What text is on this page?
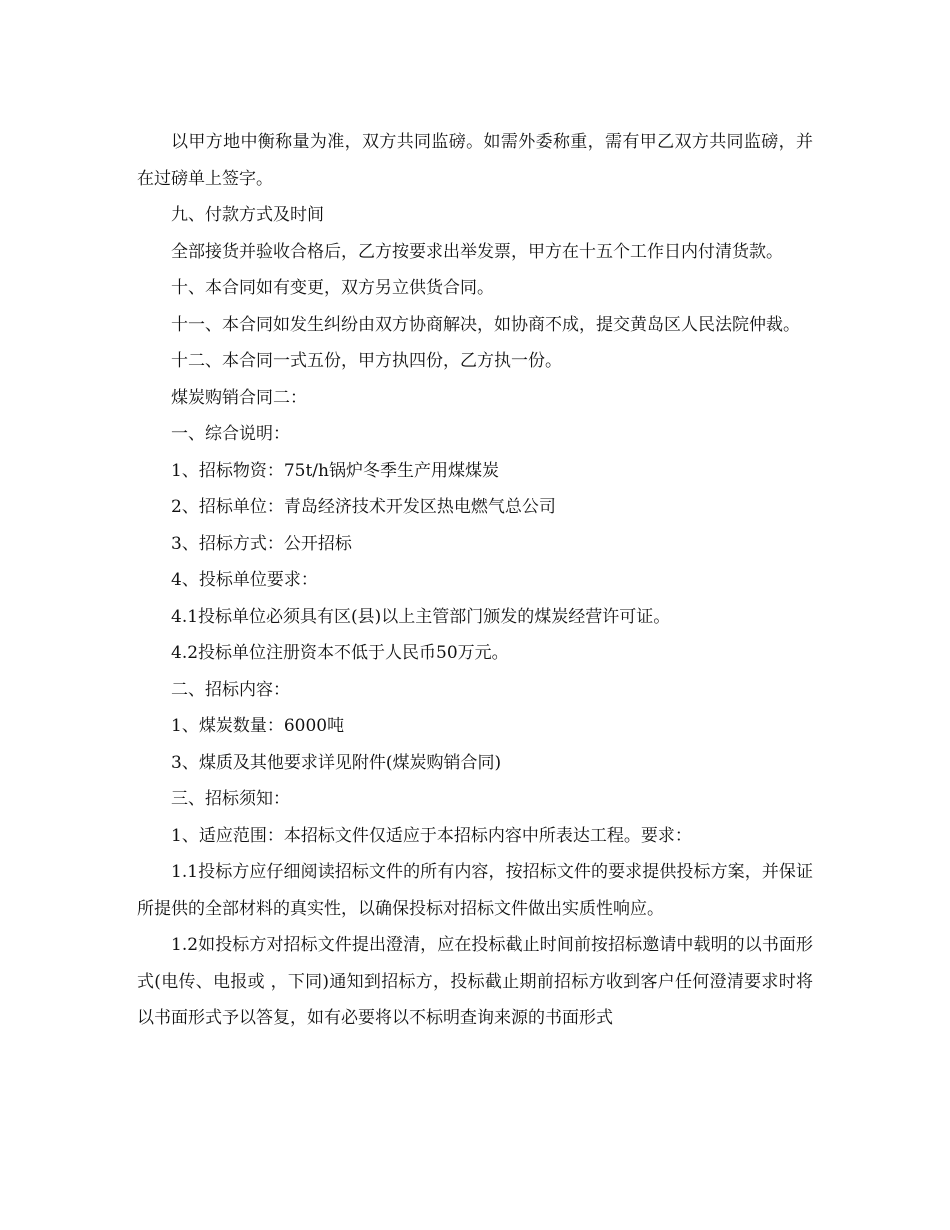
以甲方地中衡称量为准，双方共同监磅。如需外委称重，需有甲乙双方共同监磅，并在过磅单上签字。

九、付款方式及时间

全部接货并验收合格后，乙方按要求出举发票，甲方在十五个工作日内付清货款。

十、本合同如有变更，双方另立供货合同。

十一、本合同如发生纠纷由双方协商解决，如协商不成，提交黄岛区人民法院仲裁。

十二、本合同一式五份，甲方执四份，乙方执一份。

煤炭购销合同二：

一、综合说明：

1、招标物资：75t/h锅炉冬季生产用煤煤炭

2、招标单位：青岛经济技术开发区热电燃气总公司

3、招标方式：公开招标

4、投标单位要求：

4.1投标单位必须具有区(县)以上主管部门颁发的煤炭经营许可证。

4.2投标单位注册资本不低于人民币50万元。

二、招标内容：

1、煤炭数量：6000吨

3、煤质及其他要求详见附件(煤炭购销合同)

三、招标须知：

1、适应范围：本招标文件仅适应于本招标内容中所表达工程。要求：

1.1投标方应仔细阅读招标文件的所有内容，按招标文件的要求提供投标方案，并保证所提供的全部材料的真实性，以确保投标对招标文件做出实质性响应。

1.2如投标方对招标文件提出澄清，应在投标截止时间前按招标邀请中载明的以书面形式(电传、电报或 ，下同)通知到招标方，投标截止期前招标方收到客户任何澄清要求时将以书面形式予以答复，如有必要将以不标明查询来源的书面形式
